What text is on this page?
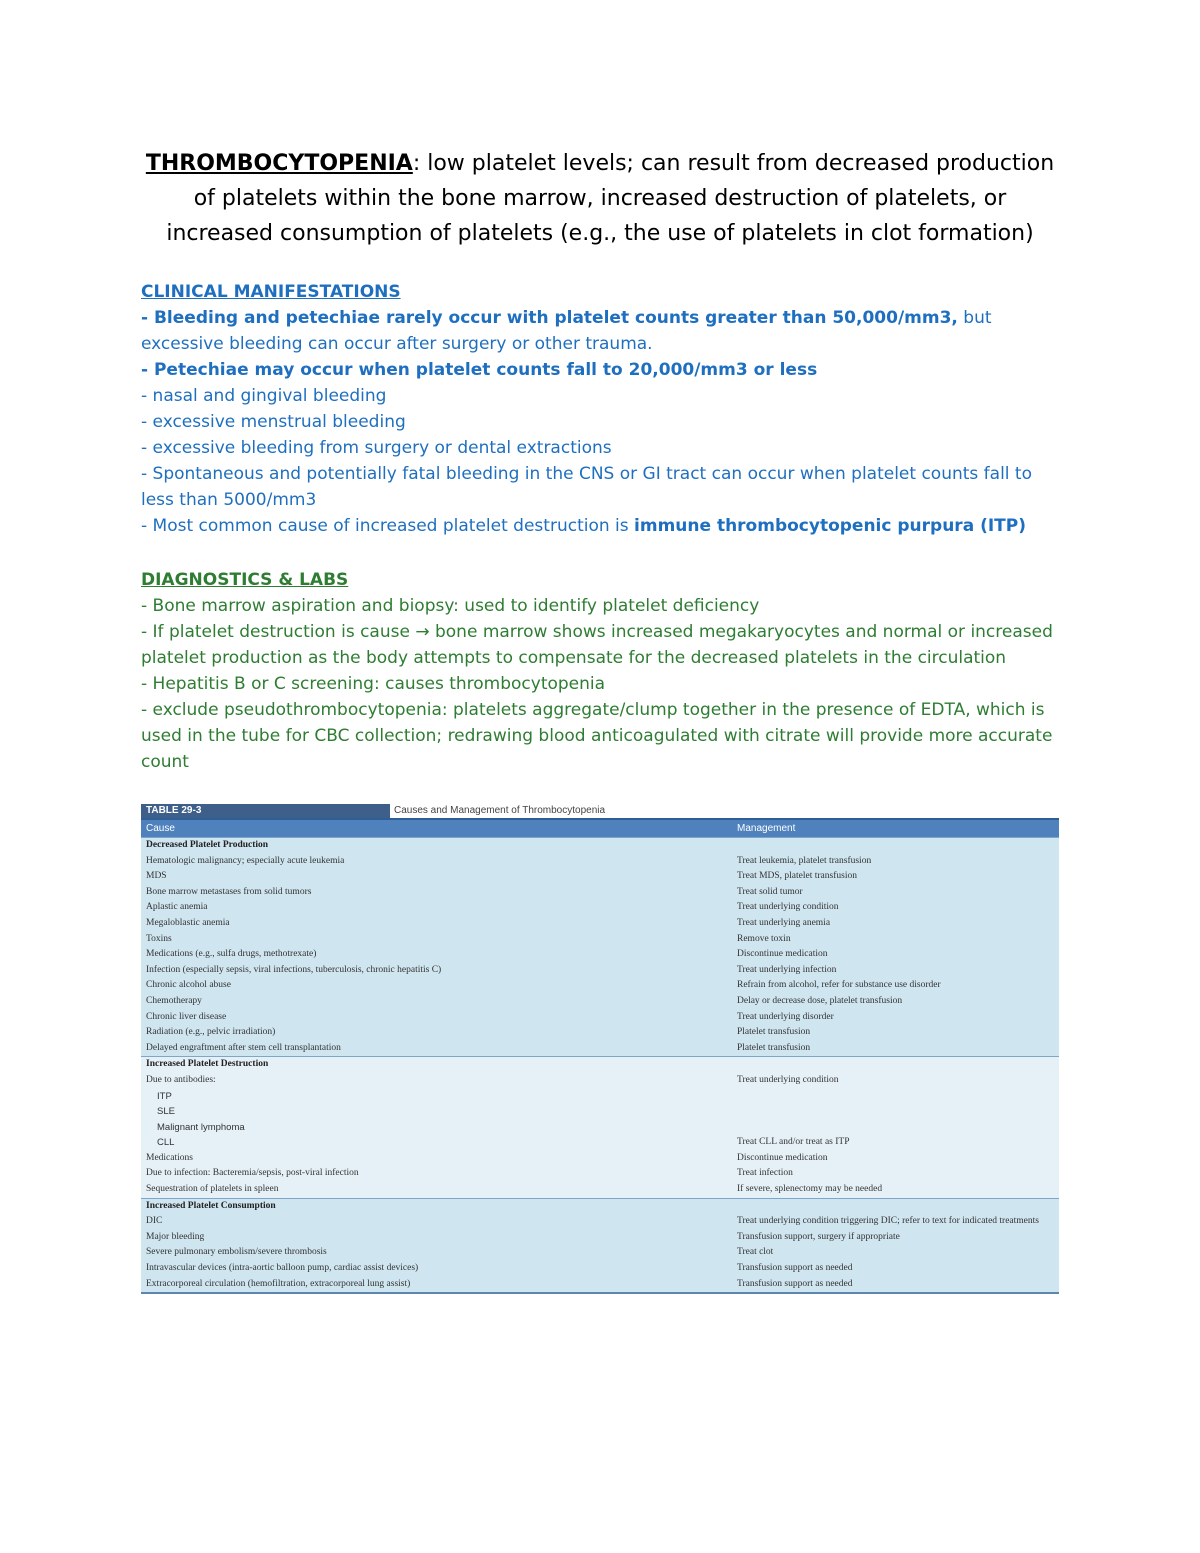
THROMBOCYTOPENIA: low platelet levels; can result from decreased production of platelets within the bone marrow, increased destruction of platelets, or increased consumption of platelets (e.g., the use of platelets in clot formation)
CLINICAL MANIFESTATIONS
- Bleeding and petechiae rarely occur with platelet counts greater than 50,000/mm3, but excessive bleeding can occur after surgery or other trauma.
- Petechiae may occur when platelet counts fall to 20,000/mm3 or less
- nasal and gingival bleeding
- excessive menstrual bleeding
- excessive bleeding from surgery or dental extractions
- Spontaneous and potentially fatal bleeding in the CNS or GI tract can occur when platelet counts fall to less than 5000/mm3
- Most common cause of increased platelet destruction is immune thrombocytopenic purpura (ITP)
DIAGNOSTICS & LABS
- Bone marrow aspiration and biopsy: used to identify platelet deficiency
- If platelet destruction is cause → bone marrow shows increased megakaryocytes and normal or increased platelet production as the body attempts to compensate for the decreased platelets in the circulation
- Hepatitis B or C screening: causes thrombocytopenia
- exclude pseudothrombocytopenia: platelets aggregate/clump together in the presence of EDTA, which is used in the tube for CBC collection; redrawing blood anticoagulated with citrate will provide more accurate count
TABLE 29-3	Causes and Management of Thrombocytopenia
Cause	Management
Decreased Platelet Production
Hematologic malignancy; especially acute leukemia	Treat leukemia, platelet transfusion
MDS	Treat MDS, platelet transfusion
Bone marrow metastases from solid tumors	Treat solid tumor
Aplastic anemia	Treat underlying condition
Megaloblastic anemia	Treat underlying anemia
Toxins	Remove toxin
Medications (e.g., sulfa drugs, methotrexate)	Discontinue medication
Infection (especially sepsis, viral infections, tuberculosis, chronic hepatitis C)	Treat underlying infection
Chronic alcohol abuse	Refrain from alcohol, refer for substance use disorder
Chemotherapy	Delay or decrease dose, platelet transfusion
Chronic liver disease	Treat underlying disorder
Radiation (e.g., pelvic irradiation)	Platelet transfusion
Delayed engraftment after stem cell transplantation	Platelet transfusion
Increased Platelet Destruction
Due to antibodies:	Treat underlying condition
ITP
SLE
Malignant lymphoma
CLL	Treat CLL and/or treat as ITP
Medications	Discontinue medication
Due to infection: Bacteremia/sepsis, post-viral infection	Treat infection
Sequestration of platelets in spleen	If severe, splenectomy may be needed
Increased Platelet Consumption
DIC	Treat underlying condition triggering DIC; refer to text for indicated treatments
Major bleeding	Transfusion support, surgery if appropriate
Severe pulmonary embolism/severe thrombosis	Treat clot
Intravascular devices (intra-aortic balloon pump, cardiac assist devices)	Transfusion support as needed
Extracorporeal circulation (hemofiltration, extracorporeal lung assist)	Transfusion support as needed
